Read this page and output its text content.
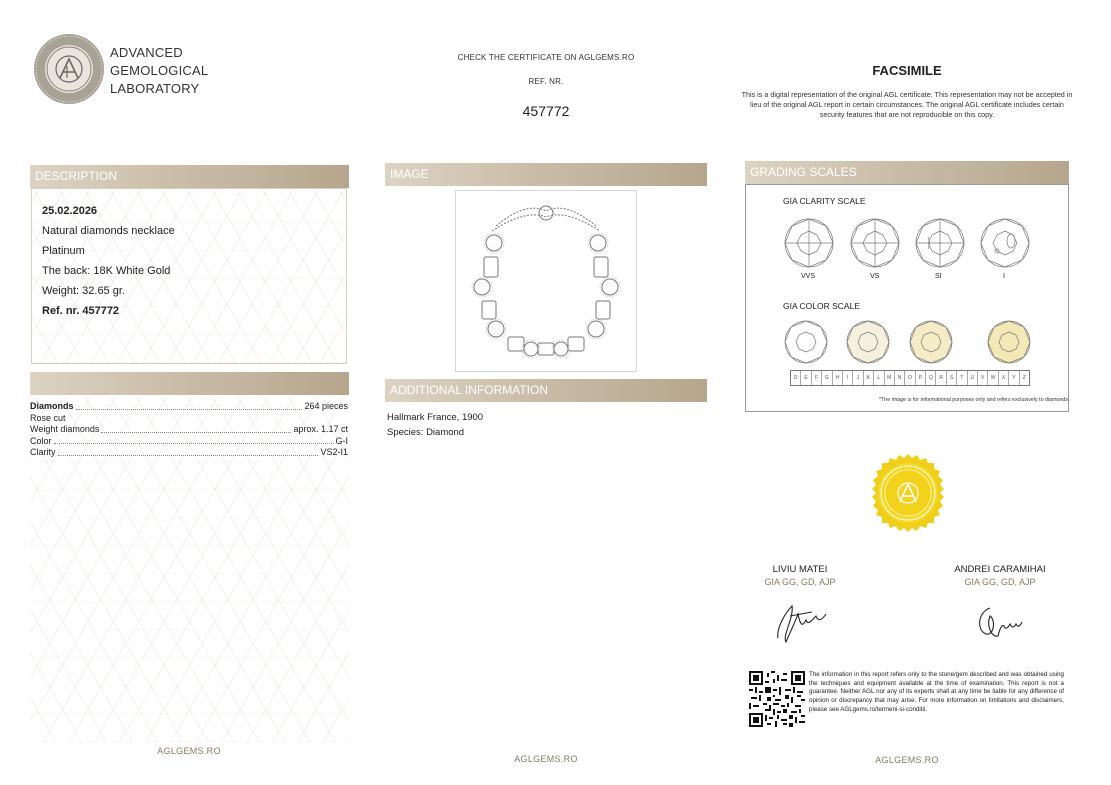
ADVANCED
GEMOLOGICAL
LABORATORY
CHECK THE CERTIFICATE ON AGLGEMS.RO
REF. NR.
457772
FACSIMILE
This is a digital representation of the original AGL certificate. This representation may not be accepted in lieu of the original AGL report in certain circumstances. The original AGL certificate includes certain security features that are not reproducible on this copy.
DESCRIPTION
25.02.2026
Natural diamonds necklace
Platinum
The back: 18K White Gold
Weight: 32.65 gr.
Ref. nr. 457772
Diamonds	264 pieces
Rose cut
Weight diamonds	aprox. 1.17 ct
Color	G-I
Clarity	VS2-I1
AGLGEMS.RO
IMAGE
ADDITIONAL INFORMATION
Hallmark France, 1900
Species: Diamond
AGLGEMS.RO
GRADING SCALES
GIA CLARITY SCALE
VVS	VS	SI	I
GIA COLOR SCALE
D	E	F	G	H	I	J	K	L	M	N	O	P	Q	R	S	T	U	V	W	X	Y	Z
*The image is for informational purposes only and refers exclusively to diamonds
LIVIU MATEI
GIA GG, GD, AJP
ANDREI CARAMIHAI
GIA GG, GD, AJP
The information in this report refers only to the stone/gem described and was obtained using the techniques and equipment available at the time of examination. This report is not a guarantee. Neither AGL nor any of its experts shall at any time be liable for any difference of opinion or discrepancy that may arise. For more information on limitations and disclaimers, please see AGLgems.ro/termeni-si-conditii.
AGLGEMS.RO
